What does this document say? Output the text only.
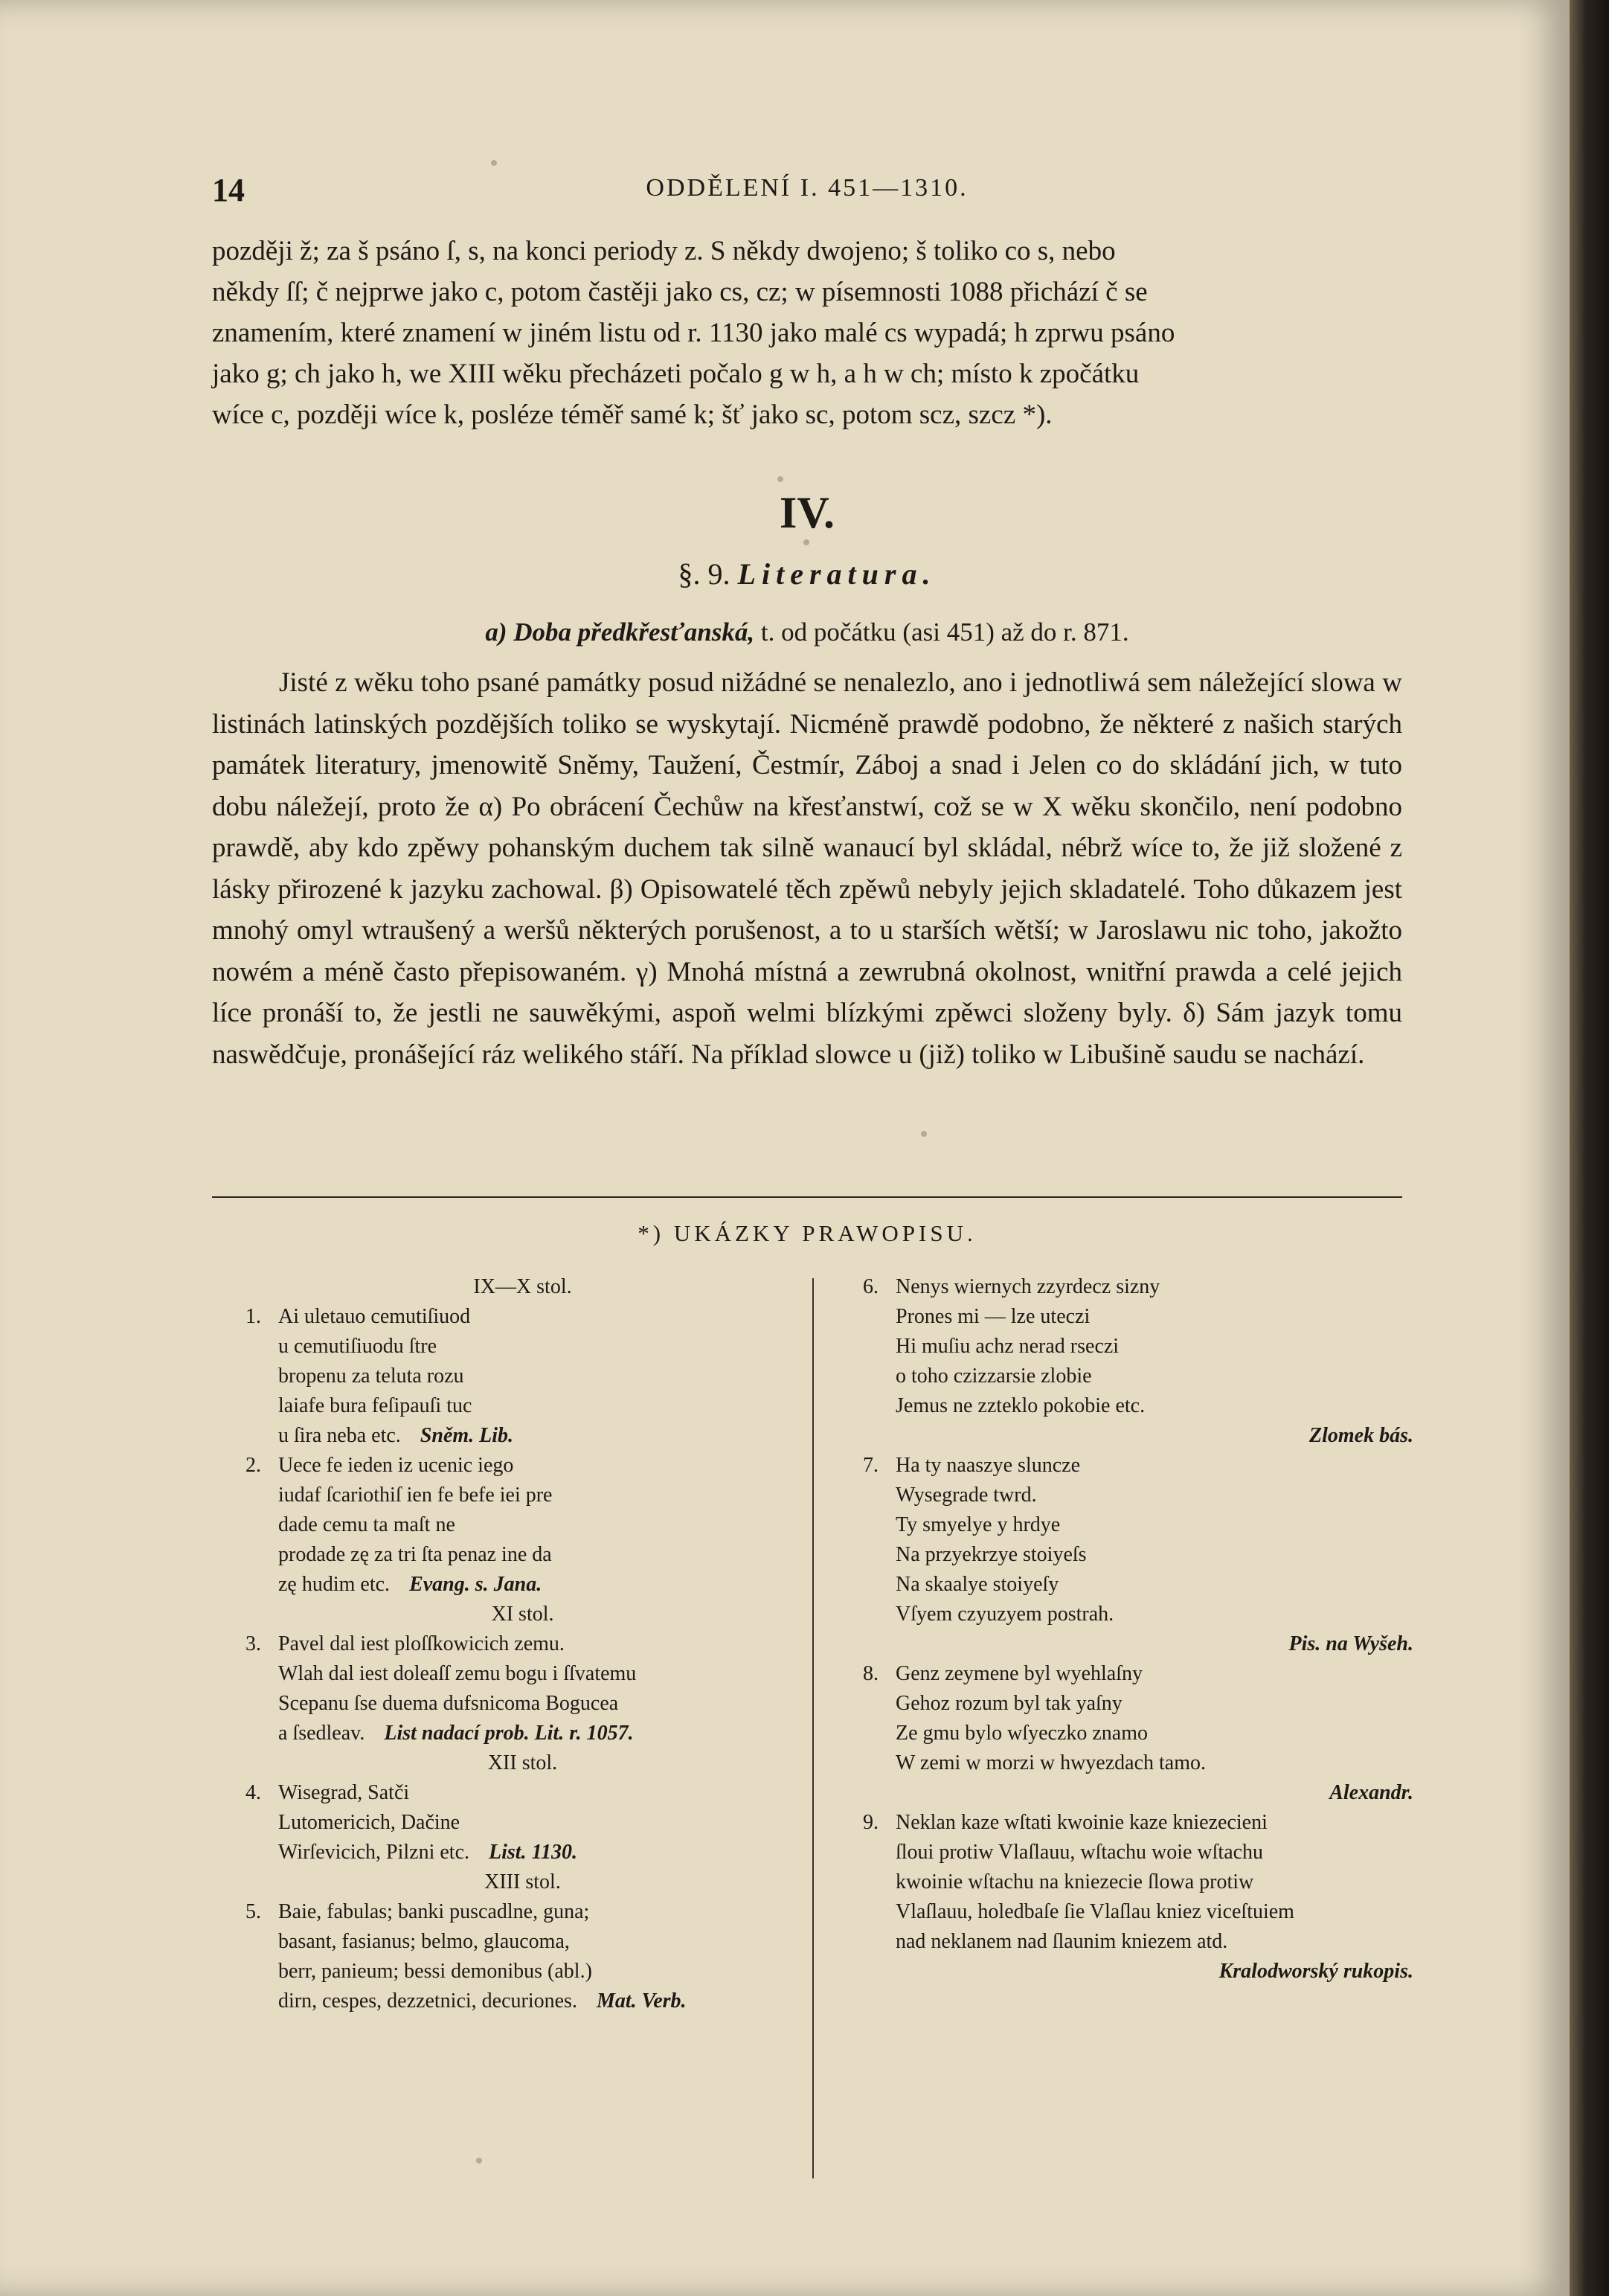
14	ODDĚLENÍ I. 451—1310.

později ž; za š psáno ſ, s, na konci periody z. S někdy dwojeno; š toliko co s, nebo

někdy ſſ; č nejprwe jako c, potom častěji jako cs, cz; w písemnosti 1088 přichází č se

znamením, které znamení w jiném listu od r. 1130 jako malé cs wypadá; h zprwu psáno

jako g; ch jako h, we XIII wěku přecházeti počalo g w h, a h w ch; místo k zpočátku

wíce c, později wíce k, posléze téměř samé k; šť jako sc, potom scz, szcz *).

IV.
§. 9. Literatura.
a) Doba předkřesťanská, t. od počátku (asi 451) až do r. 871.

Jisté z wěku toho psané památky posud nižádné se nenalezlo, ano i jednotliwá sem náležející slowa w listinách latinských pozdějších toliko se wyskytají. Nicméně prawdě podobno, že některé z našich starých památek literatury, jmenowitě Sněmy, Taužení, Čestmír, Záboj a snad i Jelen co do skládání jich, w tuto dobu náležejí, proto že α) Po obrácení Čechůw na křesťanstwí, což se w X wěku skončilo, není podobno prawdě, aby kdo zpěwy pohanským duchem tak silně wanaucí byl skládal, nébrž wíce to, že již složené z lásky přirozené k jazyku zachowal. β) Opisowatelé těch zpěwů nebyly jejich skladatelé. Toho důkazem jest mnohý omyl wtraušený a weršů některých porušenost, a to u starších wětší; w Jaroslawu nic toho, jakožto nowém a méně často přepisowaném. γ) Mnohá místná a zewrubná okolnost, wnitřní prawda a celé jejich líce pronáší to, že jestli ne sauwěkými, aspoň welmi blízkými zpěwci složeny byly. δ) Sám jazyk tomu naswědčuje, pronášející ráz welikého stáří. Na příklad slowce u (již) toliko w Libušině saudu se nachází.

*) UKÁZKY PRAWOPISU.

IX—X stol.

1. Ai uletauo cemutiſiuod

u cemutiſiuodu ſtre

bropenu za teluta rozu

laiafe bura feſipauſi tuc

u ſira neba etc. Sněm. Lib.

2. Uece fe ieden iz ucenic iego

iudaf ſcariothiſ ien fe befe iei pre

dade cemu ta maſt ne

prodade zę za tri ſta penaz ine da

zę hudim etc. Evang. s. Jana.

XI stol.

3. Pavel dal iest ploſſkowicich zemu.

Wlah dal iest doleaſſ zemu bogu i ſſvatemu

Scepanu ſse duema dufsnicoma Bogucea

a ſsedleav. List nadací prob. Lit. r. 1057.

XII stol.

4. Wisegrad, Satči

Lutomericich, Dačine

Wirſevicich, Pilzni etc. List. 1130.

XIII stol.

5. Baie, fabulas; banki puscadlne, guna;

basant, fasianus; belmo, glaucoma,

berr, panieum; bessi demonibus (abl.)

dirn, cespes, dezzetnici, decuriones. Mat. Verb.

6. Nenys wiernych zzyrdecz sizny

Prones mi — lze uteczi

Hi muſiu achz nerad rseczi

o toho czizzarsie zlobie

Jemus ne zzteklo pokobie etc.

Zlomek bás.

7. Ha ty naaszye sluncze

Wysegrade twrd.

Ty smyelye y hrdye

Na przyekrzye stoiyeſs

Na skaalye stoiyeſy

Vſyem czyuzyem postrah.

Pis. na Wyšeh.

8. Genz zeymene byl wyehlaſny

Gehoz rozum byl tak yaſny

Ze gmu bylo wſyeczko znamo

W zemi w morzi w hwyezdach tamo.

Alexandr.

9. Neklan kaze wſtati kwoinie kaze kniezecieni

ſloui protiw Vlaſlauu, wſtachu woie wſtachu

kwoinie wſtachu na kniezecie ſlowa protiw

Vlaſlauu, holedbaſe ſie Vlaſlau kniez viceſtuiem

nad neklanem nad ſlaunim kniezem atd.

Kralodworský rukopis.
